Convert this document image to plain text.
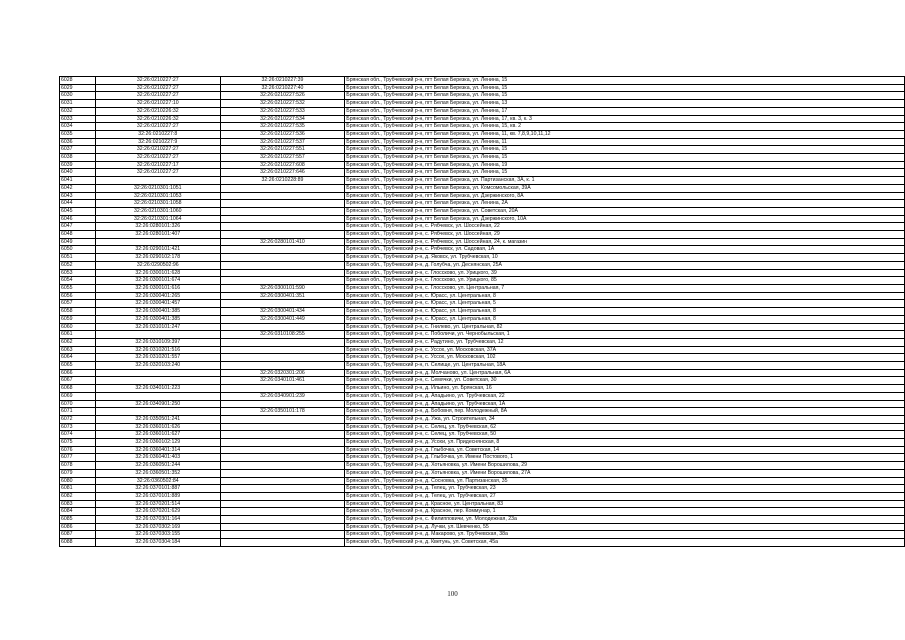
6028	32:26:0210227:27	32:26:0210227:39	Брянская обл., Трубчевский р-н, пгт Белая Березка, ул. Ленина, 15
6029	32:26:0210227:27	32:26:0210227:40	Брянская обл., Трубчевский р-н, пгт Белая Березка, ул. Ленина, 15
6030	32:26:0210227:27	32:26:0210227:526	Брянская обл., Трубчевский р-н, пгт Белая Березка, ул. Ленина, 15
6031	32:26:0210227:10	32:26:0210227:532	Брянская обл., Трубчевский р-н, пгт Белая Березка, ул. Ленина, 13
6032	32:26:0210226:32	32:26:0210227:533	Брянская обл., Трубчевский р-н, пгт Белая Березка, ул. Ленина, 17
6033	32:26:0210226:32	32:26:0210227:534	Брянская обл., Трубчевский р-н, пгт Белая Березка, ул. Ленина, 17, кв. 3, к. 3
6034	32:26:0210227:27	32:26:0210227:535	Брянская обл., Трубчевский р-н, пгт Белая Березка, ул. Ленина, 15, кв. 2
6035	32:26:0210227:8	32:26:0210227:536	Брянская обл., Трубчевский р-н, пгт Белая Березка, ул. Ленина, 11, кв. 7,8,9,10,11,12
6036	32:26:0210227:9	32:26:0210227:537	Брянская обл., Трубчевский р-н, пгт Белая Березка, ул. Ленина, 11
6037	32:26:0210227:27	32:26:0210227:551	Брянская обл., Трубчевский р-н, пгт Белая Березка, ул. Ленина, 15
6038	32:26:0210227:27	32:26:0210227:557	Брянская обл., Трубчевский р-н, пгт Белая Березка, ул. Ленина, 15
6039	32:26:0210227:17	32:26:0210227:608	Брянская обл., Трубчевский р-н, пгт Белая Березка, ул. Ленина, 19
6040	32:26:0210227:27	32:26:0210227:646	Брянская обл., Трубчевский р-н, пгт Белая Березка, ул. Ленина, 15
6041		32:26:0210228:89	Брянская обл., Трубчевский р-н, пгт Белая Березка, ул. Партизанская, 3А, к. 1
6042	32:26:0210301:1051		Брянская обл., Трубчевский р-н, пгт Белая Березка, ул. Комсомольская, 39А
6043	32:26:0210301:1053		Брянская обл., Трубчевский р-н, пгт Белая Березка, ул. Дзержинского, 8А
6044	32:26:0210301:1058		Брянская обл., Трубчевский р-н, пгт Белая Березка, ул. Ленина, 2А
6045	32:26:0210301:1060		Брянская обл., Трубчевский р-н, пгт Белая Березка, ул. Советская, 20А
6046	32:26:0210301:1064		Брянская обл., Трубчевский р-н, пгт Белая Березка, ул. Дзержинского, 10А
6047	32:26:0280101:326		Брянская обл., Трубчевский р-н, с. Рябчевск, ул. Шоссейная, 22
6048	32:26:0280101:407		Брянская обл., Трубчевский р-н, с. Рябчевск, ул. Шоссейная, 29
6049		32:26:0280101:410	Брянская обл., Трубчевский р-н, с. Рябчевск, ул. Шоссейная, 24, к. магазин
6050	32:26:0290101:421		Брянская обл., Трубчевский р-н, с. Рябчевск, ул. Садовая, 1А
6051	32:26:0290102:178		Брянская обл., Трубчевский р-н, д. Яковск, ул. Трубчевская, 10
6052	32:26:0290502:96		Брянская обл., Трубчевский р-н, д. Голубча, ул. Деснянская, 25А
6053	32:26:0300101:628		Брянская обл., Трубчевский р-н, с. Глоссково, ул. Урицкого, 39
6054	32:26:0300101:674		Брянская обл., Трубчевский р-н, с. Глоссково, ул. Урицкого, 85
6055	32:26:0300101:616	32:26:0300101:590	Брянская обл., Трубчевский р-н, с. Глоссково, ул. Центральная, 7
6056	32:26:0300401:265	32:26:0300401:351	Брянская обл., Трубчевский р-н, с. Юрасс, ул. Центральная, 8
6057	32:26:0300401:457		Брянская обл., Трубчевский р-н, с. Юрасс, ул. Центральная, 5
6058	32:26:0300401:385	32:26:0300401:434	Брянская обл., Трубчевский р-н, с. Юрасс, ул. Центральная, 8
6059	32:26:0300401:385	32:26:0300401:449	Брянская обл., Трубчевский р-н, с. Юрасс, ул. Центральная, 8
6060	32:26:0310101:247		Брянская обл., Трубчевский р-н, с. Гнилево, ул. Центральная, 82
6061		32:26:0310108:255	Брянская обл., Трубчевский р-н, с. Поболичи, ул. Чернобыльская, 1
6062	32:26:0310109:397		Брянская обл., Трубчевский р-н, с. Радутино, ул. Трубчевская, 12
6063	32:26:0310201:516		Брянская обл., Трубчевский р-н, с. Уссох, ул. Московская, 37А
6064	32:26:0310201:557		Брянская обл., Трубчевский р-н, с. Уссох, ул. Московская, 102
6065	32:26:0320103:240		Брянская обл., Трубчевский р-н, п. Селище, ул. Центральная, 18А
6066		32:26:0320301:206	Брянская обл., Трубчевский р-н, д. Молчаново, ул. Центральная, 6А
6067		32:26:0340101:461	Брянская обл., Трубчевский р-н, с. Семячки, ул. Советская, 30
6068	32:26:0340101:223		Брянская обл., Трубчевский р-н, д. Ильино, ул. Брянская, 16
6069		32:26:0340901:239	Брянская обл., Трубчевский р-н, д. Ападьино, ул. Трубчевская, 22
6070	32:26:0340901:250		Брянская обл., Трубчевский р-н, д. Ападьино, ул. Трубчевская, 1А
6071		32:26:0350101:178	Брянская обл., Трубчевский р-н, д. Бобовня, пер. Молодежный, 8А
6072	32:26:0350501:241		Брянская обл., Трубчевский р-н, д. Ужа, ул. Строительная, 34
6073	32:26:0360101:626		Брянская обл., Трубчевский р-н, с. Селец, ул. Трубчевская, 62
6074	32:26:0360101:627		Брянская обл., Трубчевский р-н, с. Селец, ул. Трубчевская, 50
6075	32:26:0360102:129		Брянская обл., Трубчевский р-н, д. Усохи, ул. Придеснянская, 8
6076	32:26:0360401:314		Брянская обл., Трубчевский р-н, д. Глыбочка, ул. Советская, 14
6077	32:26:0360401:403		Брянская обл., Трубчевский р-н, д. Глыбочка, ул. Имени Постового, 1
6078	32:26:0360501:244		Брянская обл., Трубчевский р-н, д. Хотьяновка, ул. Имени Ворошилова, 29
6079	32:26:0360501:352		Брянская обл., Трубчевский р-н, д. Хотьяновка, ул. Имени Ворошилова, 27А
6080	32:26:0360502:84		Брянская обл., Трубчевский р-н, д. Сосновка, ул. Партизанская, 35
6081	32:26:0370101:887		Брянская обл., Трубчевский р-н, д. Телец, ул. Трубчевская, 23
6082	32:26:0370101:889		Брянская обл., Трубчевский р-н, д. Телец, ул. Трубчевская, 27
6083	32:26:0370201:514		Брянская обл., Трубчевский р-н, д. Красное, ул. Центральная, 83
6084	32:26:0370201:629		Брянская обл., Трубчевский р-н, д. Красное, пер. Коммунар, 1
6085	32:26:0370301:164		Брянская обл., Трубчевский р-н, с. Филипповичи, ул. Молодежная, 23а
6086	32:26:0370302:169		Брянская обл., Трубчевский р-н, д. Лучки, ул. Шевченко, 55
6087	32:26:0370303:155		Брянская обл., Трубчевский р-н, д. Макарово, ул. Трубчевская, 38а
6088	32:26:0370304:184		Брянская обл., Трубчевский р-н, д. Кветунь, ул. Советская, 45а
100
